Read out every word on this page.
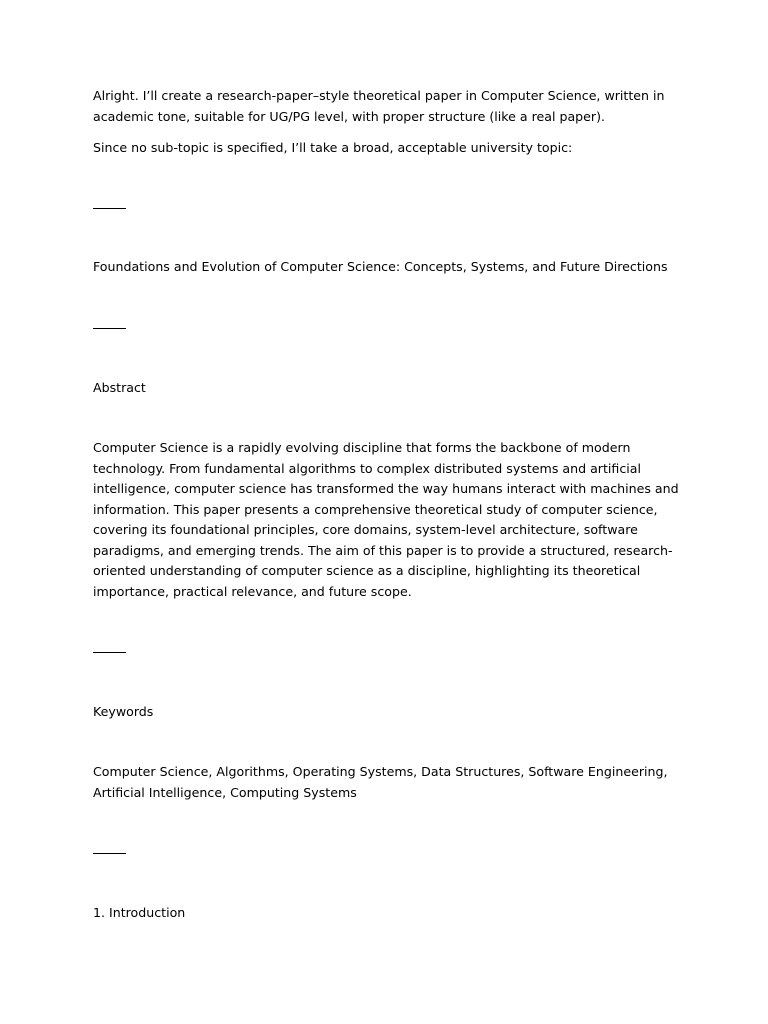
Alright. I’ll create a research-paper–style theoretical paper in Computer Science, written in academic tone, suitable for UG/PG level, with proper structure (like a real paper).

Since no sub-topic is specified, I’ll take a broad, acceptable university topic:

Foundations and Evolution of Computer Science: Concepts, Systems, and Future Directions

Abstract

Computer Science is a rapidly evolving discipline that forms the backbone of modern technology. From fundamental algorithms to complex distributed systems and artificial intelligence, computer science has transformed the way humans interact with machines and information. This paper presents a comprehensive theoretical study of computer science, covering its foundational principles, core domains, system-level architecture, software paradigms, and emerging trends. The aim of this paper is to provide a structured, research-oriented understanding of computer science as a discipline, highlighting its theoretical importance, practical relevance, and future scope.

Keywords

Computer Science, Algorithms, Operating Systems, Data Structures, Software Engineering, Artificial Intelligence, Computing Systems

1. Introduction
